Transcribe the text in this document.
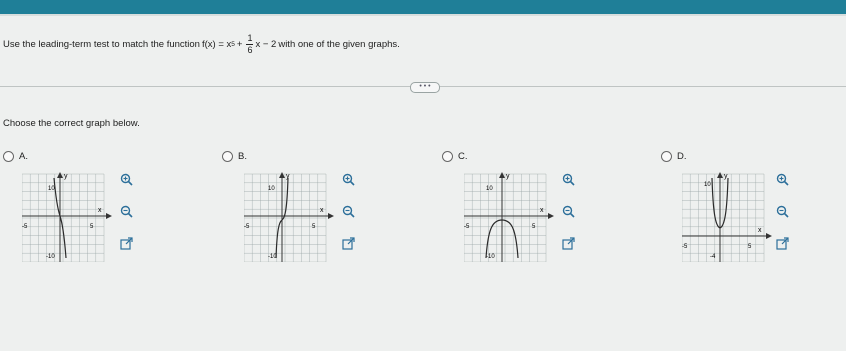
Use the leading-term test to match the function f(x) = x $5 + \frac{1}{6}$ x − 2 with one of the given graphs.
• • •
Choose the correct graph below.
A.	B.	C.	D.
y
x
10
-10
-5	5
y
x
10
-10
-5	5
y
x
10
-10
-5	5
y
x
10
-4
-5	5
